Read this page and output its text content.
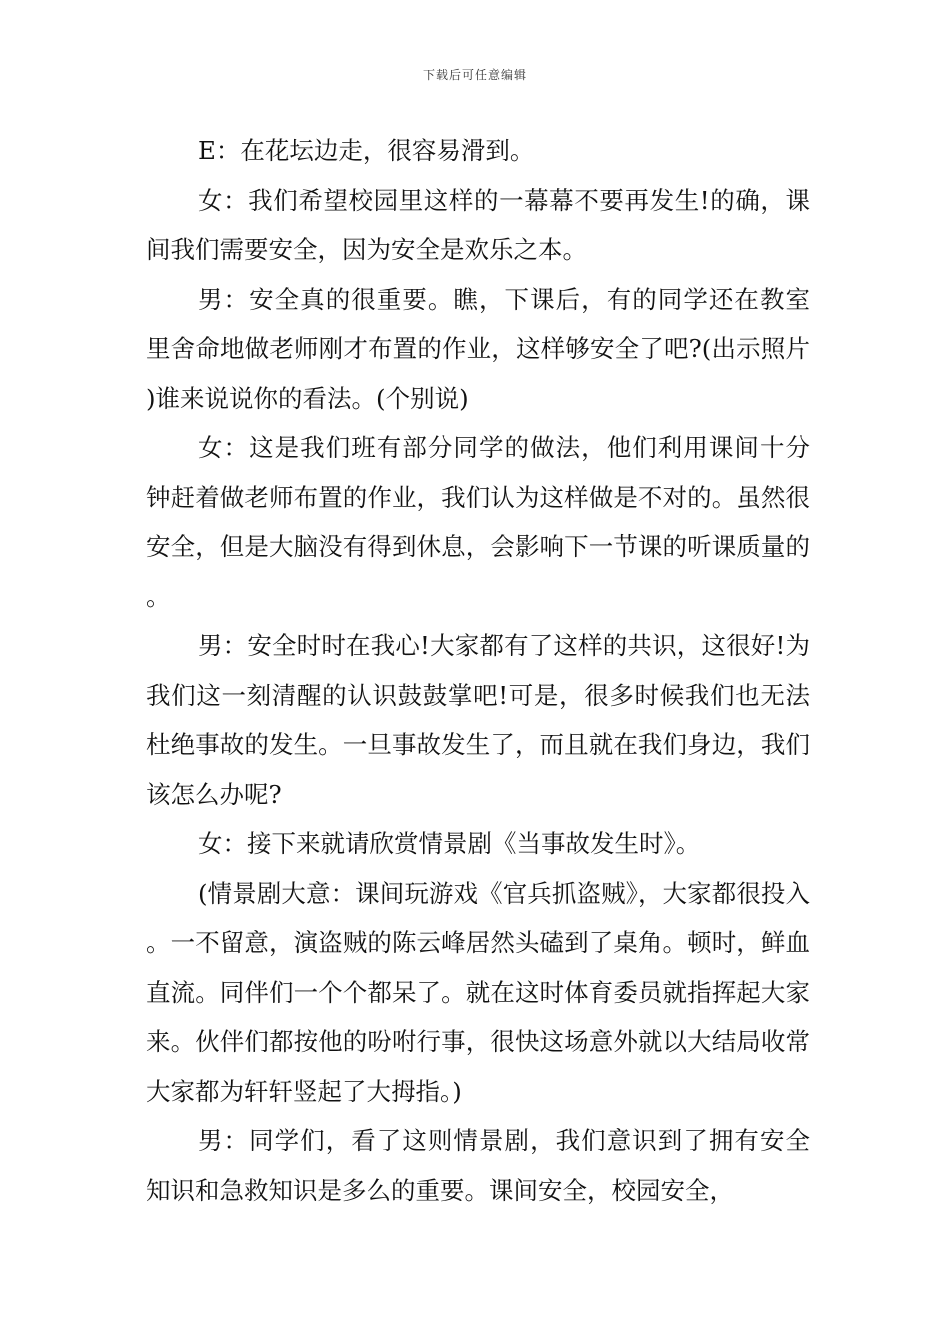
下载后可任意编辑

E：在花坛边走，很容易滑到。

女：我们希望校园里这样的一幕幕不要再发生!的确，课间我们需要安全，因为安全是欢乐之本。

男：安全真的很重要。瞧，下课后，有的同学还在教室里舍命地做老师刚才布置的作业，这样够安全了吧?(出示照片)谁来说说你的看法。(个别说)

女：这是我们班有部分同学的做法，他们利用课间十分钟赶着做老师布置的作业，我们认为这样做是不对的。虽然很安全，但是大脑没有得到休息，会影响下一节课的听课质量的。

男：安全时时在我心!大家都有了这样的共识，这很好!为我们这一刻清醒的认识鼓鼓掌吧!可是，很多时候我们也无法杜绝事故的发生。一旦事故发生了，而且就在我们身边，我们该怎么办呢?

女：接下来就请欣赏情景剧《当事故发生时》。

(情景剧大意：课间玩游戏《官兵抓盗贼》，大家都很投入。一不留意，演盗贼的陈云峰居然头磕到了桌角。顿时，鲜血直流。同伴们一个个都呆了。就在这时体育委员就指挥起大家来。伙伴们都按他的吩咐行事，很快这场意外就以大结局收常大家都为轩轩竖起了大拇指。)

男：同学们，看了这则情景剧，我们意识到了拥有安全知识和急救知识是多么的重要。课间安全，校园安全，
